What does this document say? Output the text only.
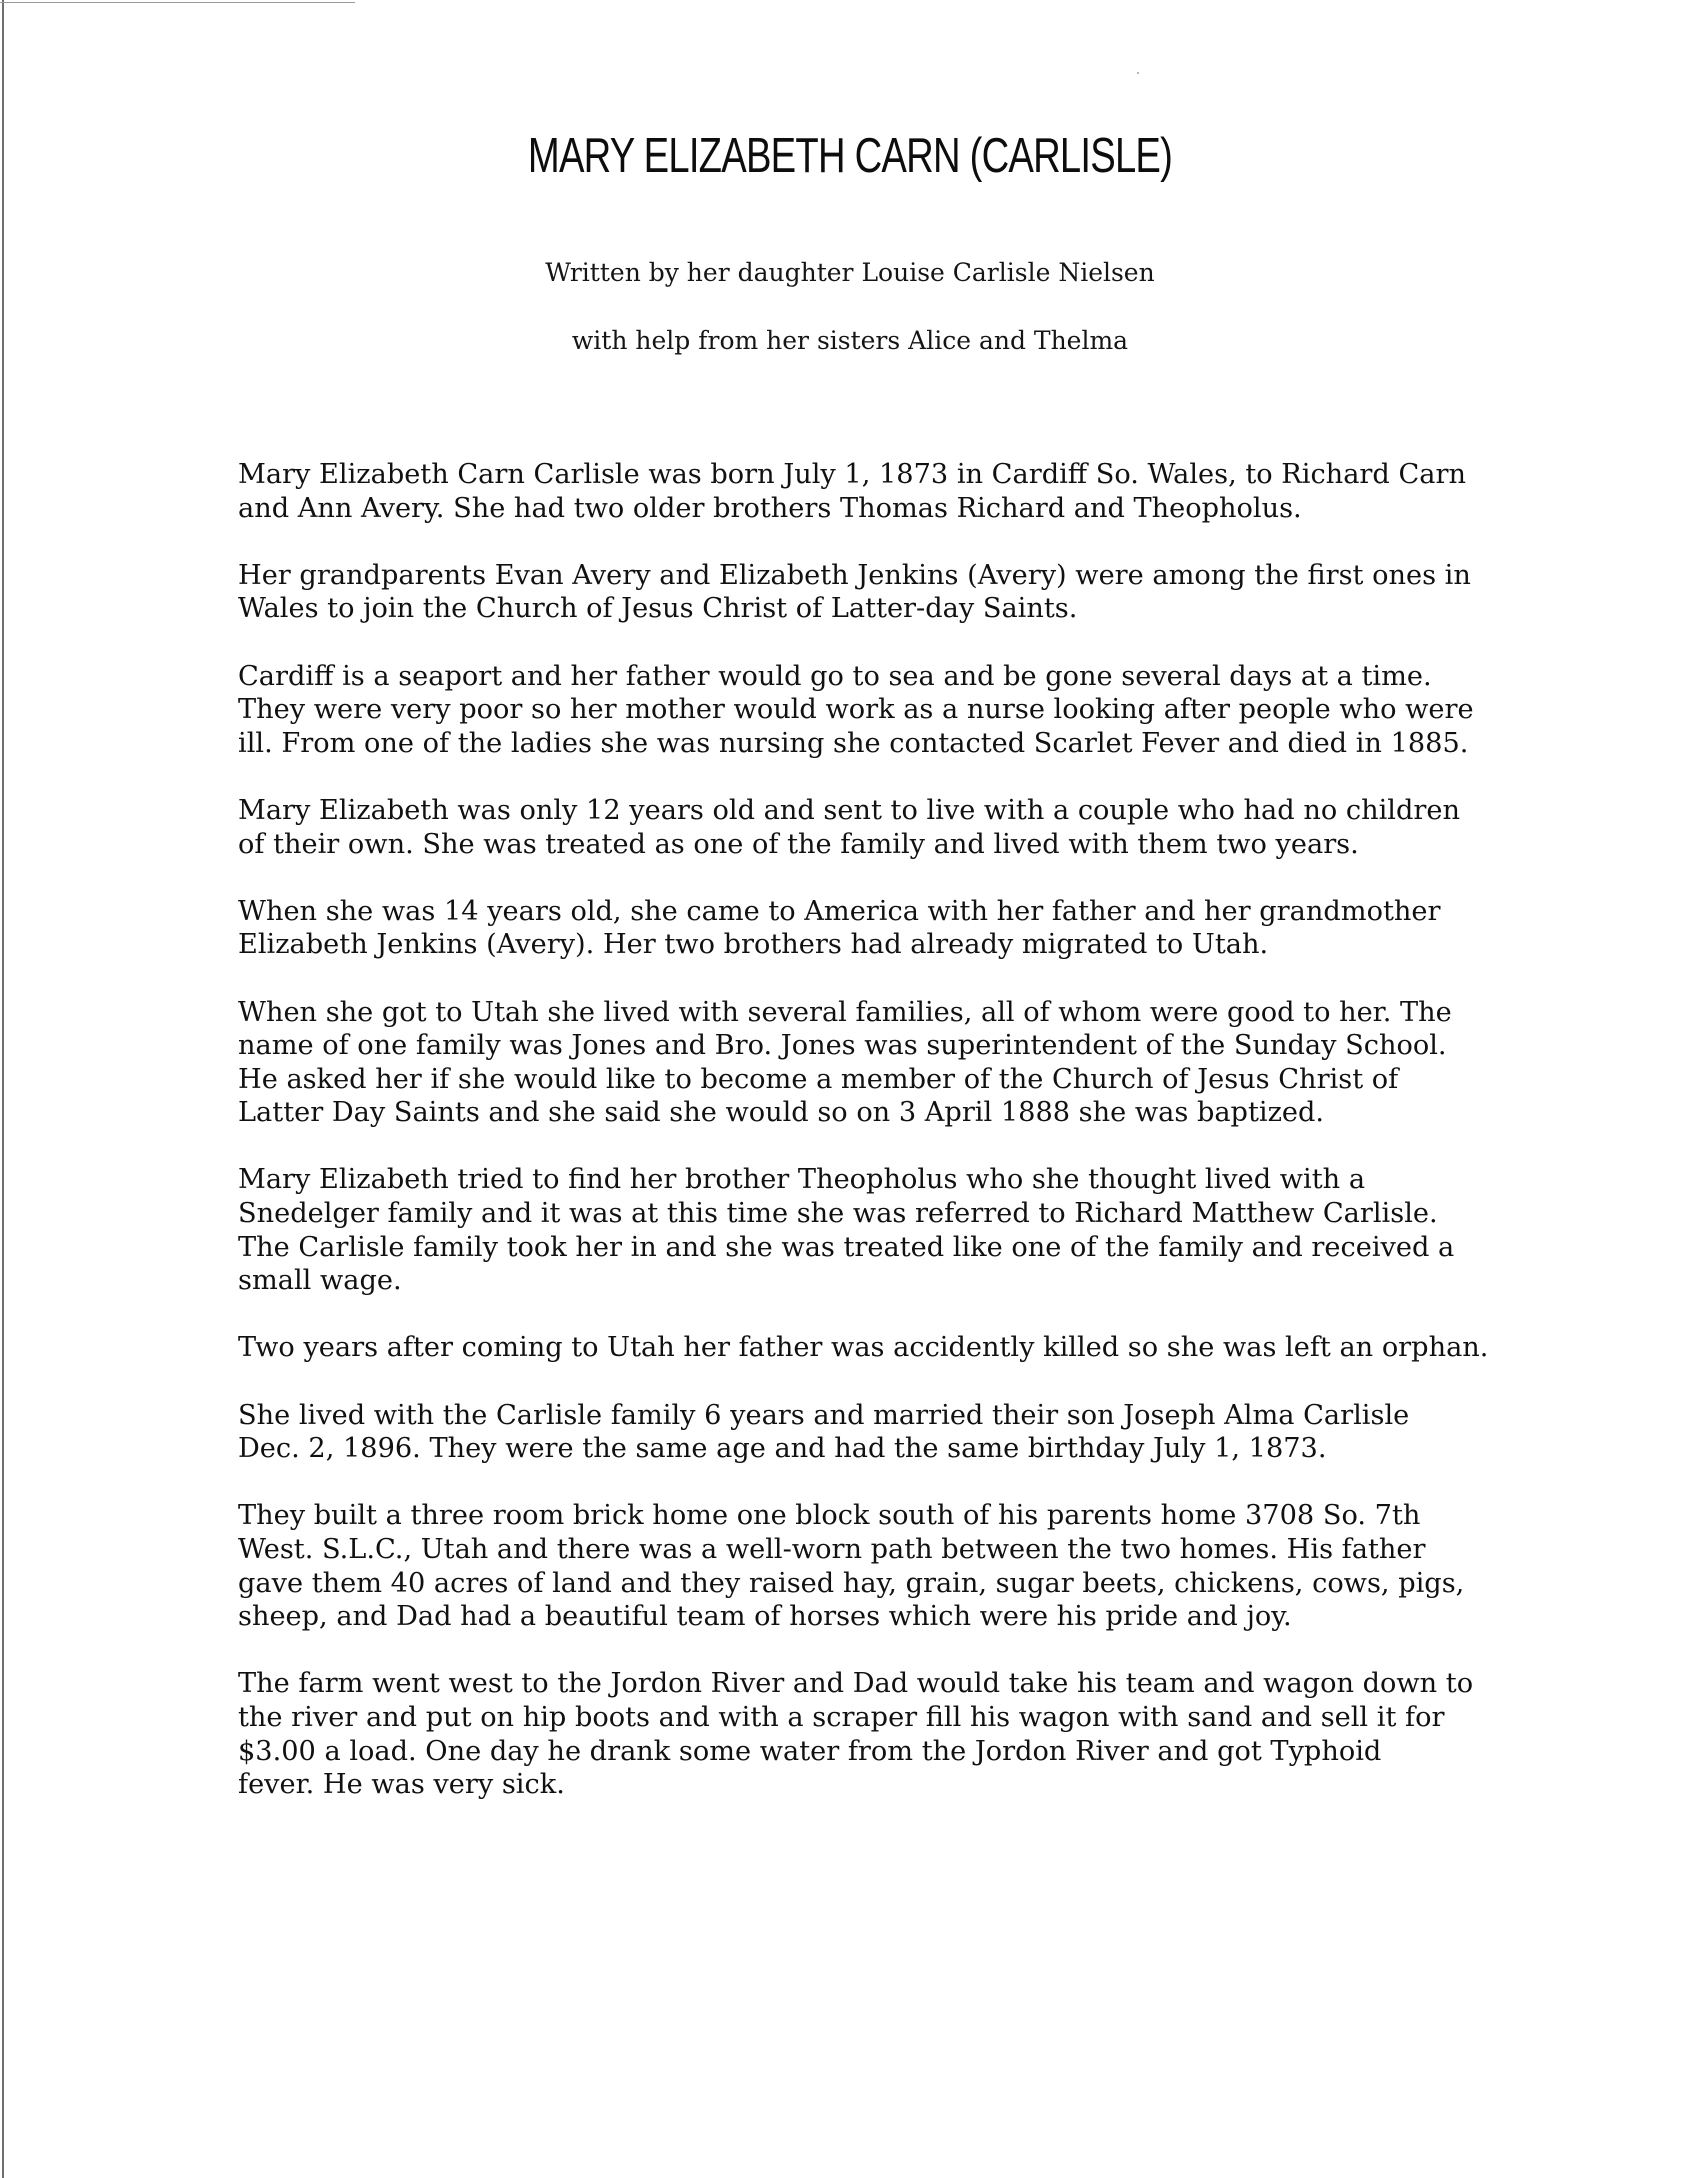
MARY ELIZABETH CARN (CARLISLE)
Written by her daughter Louise Carlisle Nielsen
with help from her sisters Alice and Thelma
Mary Elizabeth Carn Carlisle was born July 1, 1873 in Cardiff So. Wales, to Richard Carn
and Ann Avery. She had two older brothers Thomas Richard and Theopholus.
Her grandparents Evan Avery and Elizabeth Jenkins (Avery) were among the first ones in
Wales to join the Church of Jesus Christ of Latter-day Saints.
Cardiff is a seaport and her father would go to sea and be gone several days at a time.
They were very poor so her mother would work as a nurse looking after people who were
ill. From one of the ladies she was nursing she contacted Scarlet Fever and died in 1885.
Mary Elizabeth was only 12 years old and sent to live with a couple who had no children
of their own. She was treated as one of the family and lived with them two years.
When she was 14 years old, she came to America with her father and her grandmother
Elizabeth Jenkins (Avery). Her two brothers had already migrated to Utah.
When she got to Utah she lived with several families, all of whom were good to her. The
name of one family was Jones and Bro. Jones was superintendent of the Sunday School.
He asked her if she would like to become a member of the Church of Jesus Christ of
Latter Day Saints and she said she would so on 3 April 1888 she was baptized.
Mary Elizabeth tried to find her brother Theopholus who she thought lived with a
Snedelger family and it was at this time she was referred to Richard Matthew Carlisle.
The Carlisle family took her in and she was treated like one of the family and received a
small wage.
Two years after coming to Utah her father was accidently killed so she was left an orphan.
She lived with the Carlisle family 6 years and married their son Joseph Alma Carlisle
Dec. 2, 1896. They were the same age and had the same birthday July 1, 1873.
They built a three room brick home one block south of his parents home 3708 So. 7th
West. S.L.C., Utah and there was a well-worn path between the two homes. His father
gave them 40 acres of land and they raised hay, grain, sugar beets, chickens, cows, pigs,
sheep, and Dad had a beautiful team of horses which were his pride and joy.
The farm went west to the Jordon River and Dad would take his team and wagon down to
the river and put on hip boots and with a scraper fill his wagon with sand and sell it for
$3.00 a load. One day he drank some water from the Jordon River and got Typhoid
fever. He was very sick.
